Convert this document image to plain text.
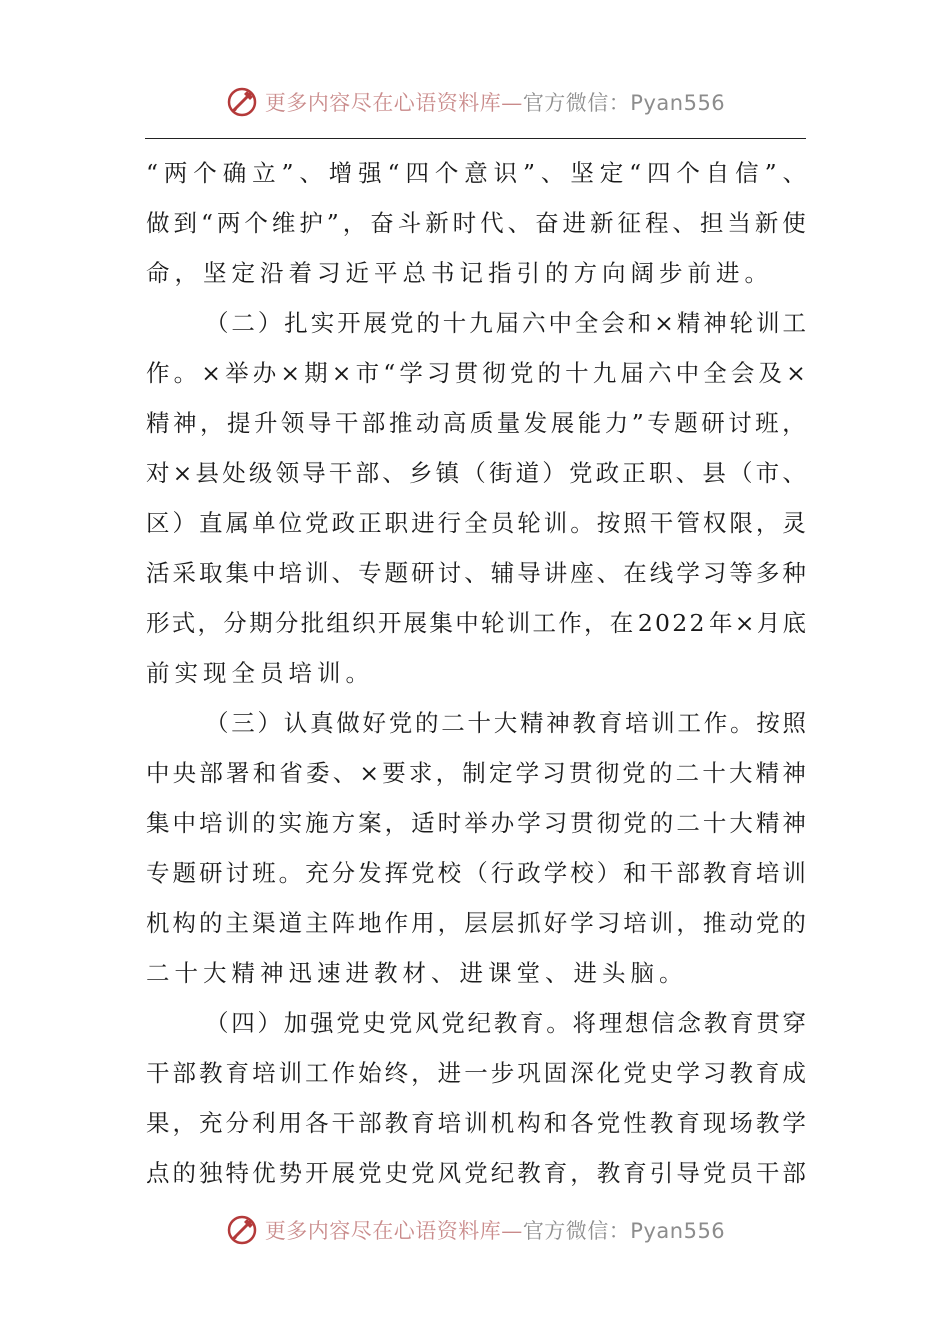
更多内容尽在心语资料库—官方微信：Pyan556
“ 两 个 确 立 ” 、 增 强 “ 四 个 意 识 ” 、 坚 定 “ 四 个 自 信 ” 、
做 到 “ 两 个 维 护 ” ， 奋 斗 新 时 代 、 奋 进 新 征 程 、 担 当 新 使
命，坚定沿着习近平总书记指引的方向阔步前进。
（ 二 ） 扎 实 开 展 党 的 十 九 届 六 中 全 会 和 × 精 神 轮 训 工
作 。 × 举 办 × 期 × 市 “ 学 习 贯 彻 党 的 十 九 届 六 中 全 会 及 ×
精 神 ， 提 升 领 导 干 部 推 动 高 质 量 发 展 能 力 ” 专 题 研 讨 班 ，
对 × 县 处 级 领 导 干 部 、 乡 镇 （ 街 道 ） 党 政 正 职 、 县 （ 市 、
区 ） 直 属 单 位 党 政 正 职 进 行 全 员 轮 训 。 按 照 干 管 权 限 ， 灵
活 采 取 集 中 培 训 、 专 题 研 讨 、 辅 导 讲 座 、 在 线 学 习 等 多 种
形 式 ， 分 期 分 批 组 织 开 展 集 中 轮 训 工 作 ， 在 2 0 2 2 年 × 月 底
前实现全员培训。
（ 三 ） 认 真 做 好 党 的 二 十 大 精 神 教 育 培 训 工 作 。 按 照
中 央 部 署 和 省 委 、 × 要 求 ， 制 定 学 习 贯 彻 党 的 二 十 大 精 神
集 中 培 训 的 实 施 方 案 ， 适 时 举 办 学 习 贯 彻 党 的 二 十 大 精 神
专 题 研 讨 班 。 充 分 发 挥 党 校 （ 行 政 学 校 ） 和 干 部 教 育 培 训
机 构 的 主 渠 道 主 阵 地 作 用 ， 层 层 抓 好 学 习 培 训 ， 推 动 党 的
二十大精神迅速进教材、进课堂、进头脑。
（ 四 ） 加 强 党 史 党 风 党 纪 教 育 。 将 理 想 信 念 教 育 贯 穿
干 部 教 育 培 训 工 作 始 终 ， 进 一 步 巩 固 深 化 党 史 学 习 教 育 成
果 ， 充 分 利 用 各 干 部 教 育 培 训 机 构 和 各 党 性 教 育 现 场 教 学
点 的 独 特 优 势 开 展 党 史 党 风 党 纪 教 育 ， 教 育 引 导 党 员 干 部
更多内容尽在心语资料库—官方微信：Pyan556
